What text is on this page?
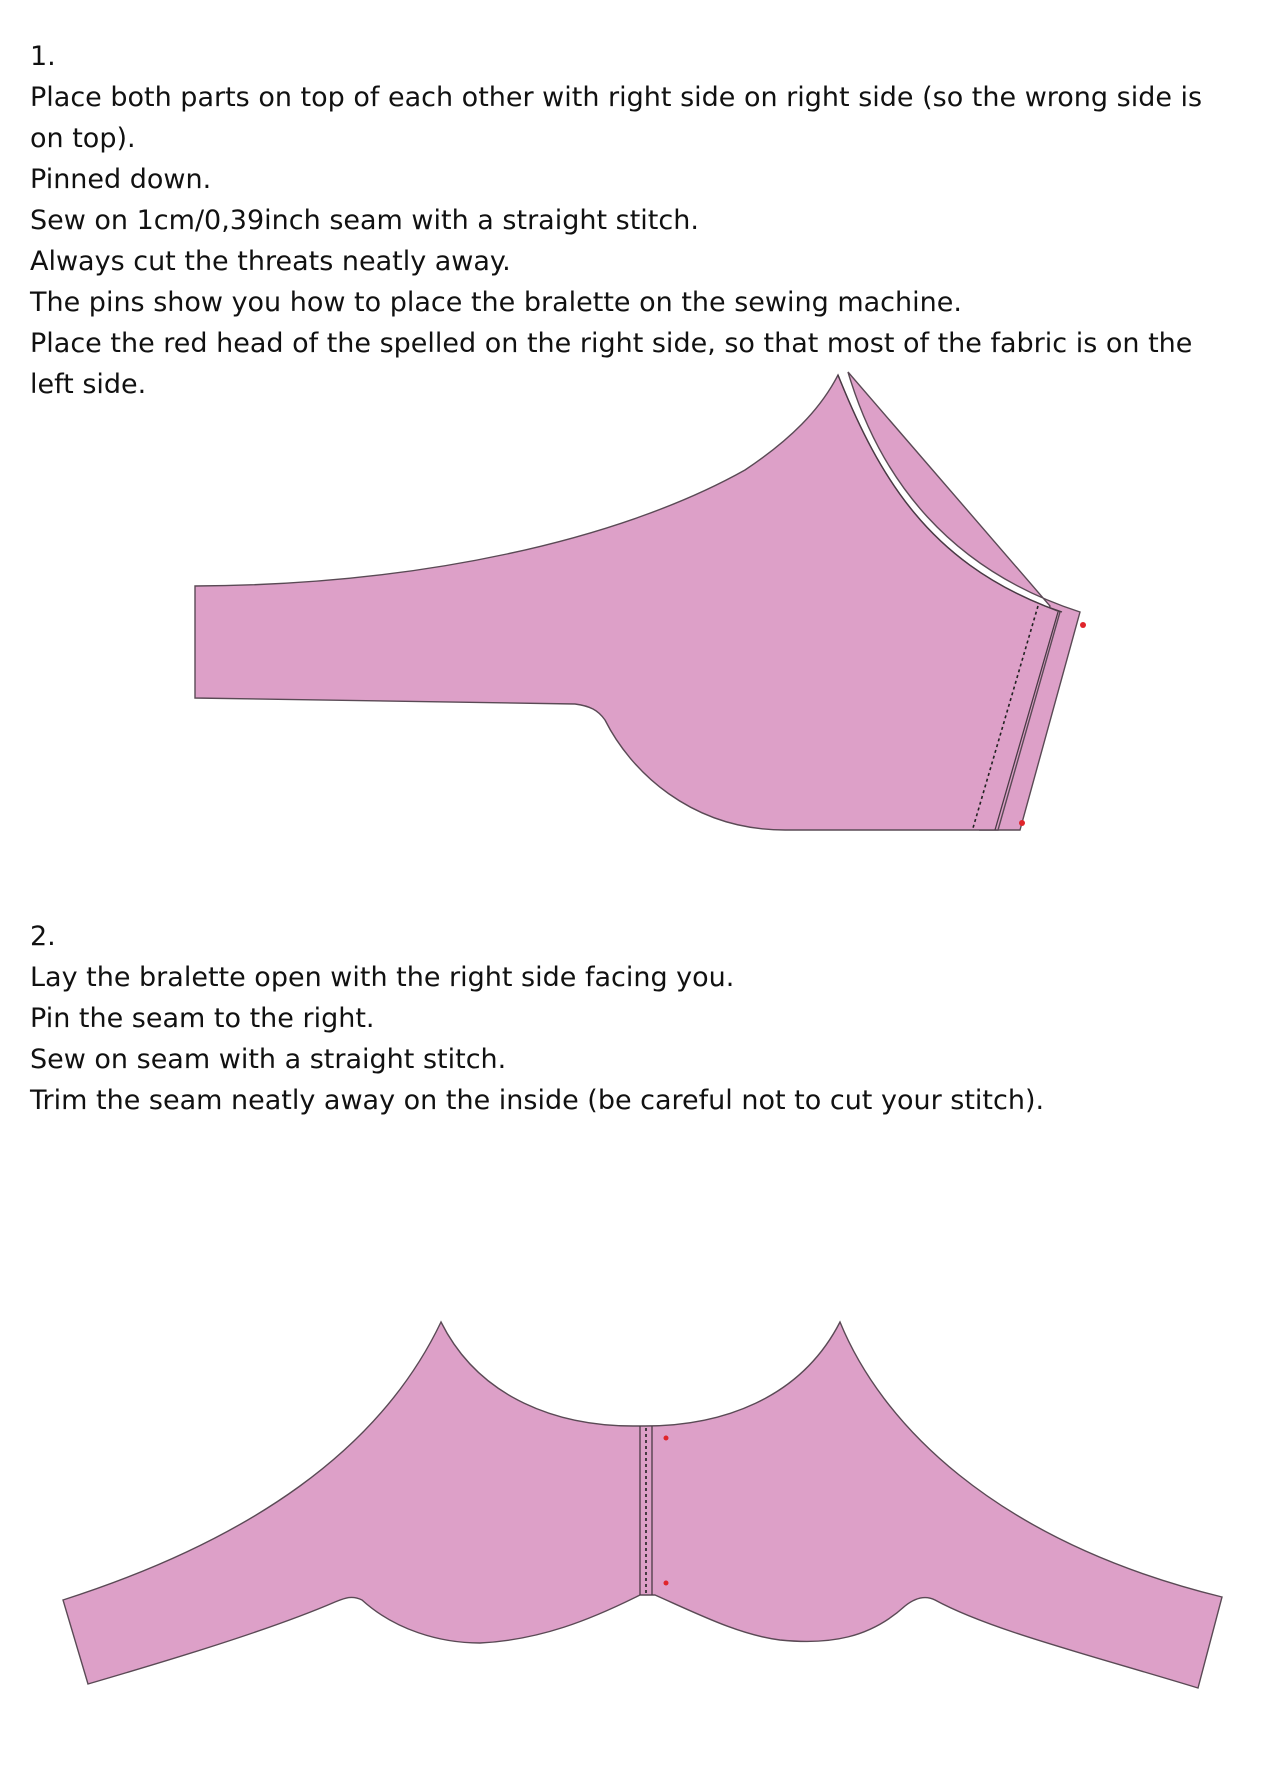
1.

Place both parts on top of each other with right side on right side (so the wrong side is on top).

Pinned down.

Sew on 1cm/0,39inch seam with a straight stitch.

Always cut the threats neatly away.

The pins show you how to place the bralette on the sewing machine.

Place the red head of the spelled on the right side, so that most of the fabric is on the left side.

2.

Lay the bralette open with the right side facing you.

Pin the seam to the right.

Sew on seam with a straight stitch.

Trim the seam neatly away on the inside (be careful not to cut your stitch).
